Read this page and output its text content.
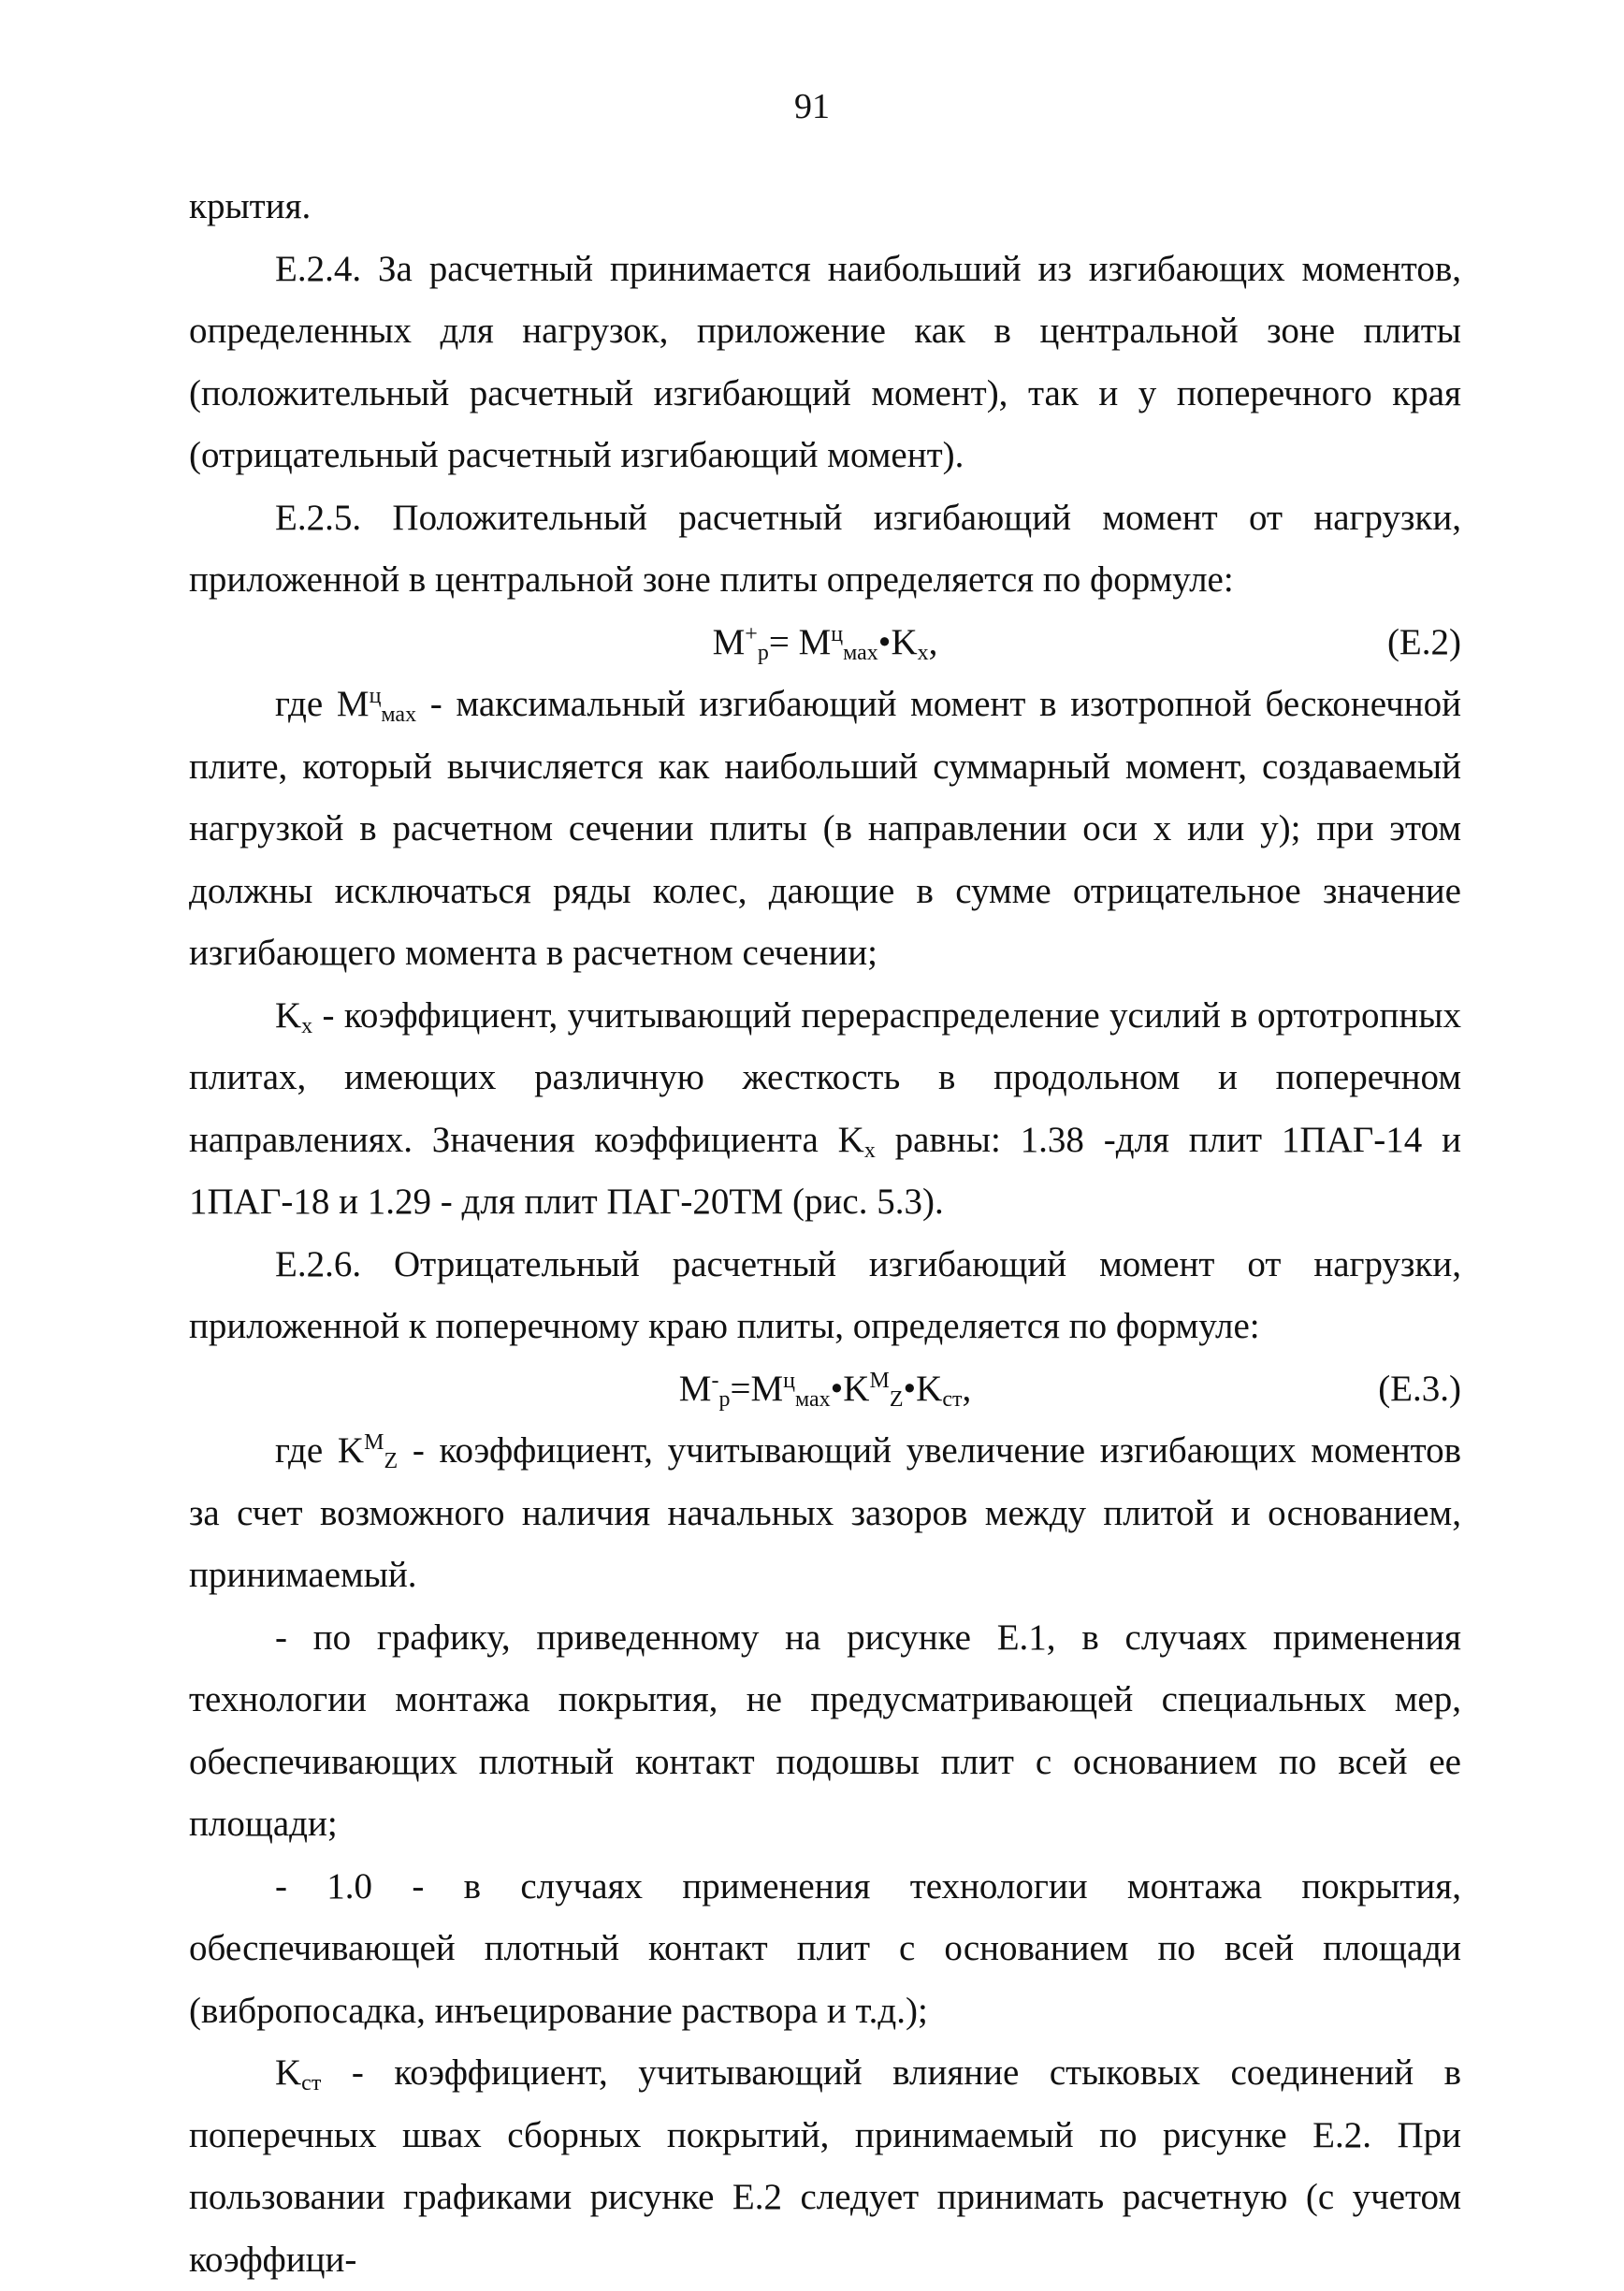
91

крытия.

Е.2.4. За расчетный принимается наибольший из изгибающих моментов, определенных для нагрузок, приложение как в центральной зоне плиты (положительный расчетный изгибающий момент), так и у поперечного края (отрицательный расчетный изгибающий момент).

Е.2.5. Положительный расчетный изгибающий момент от нагрузки, приложенной в центральной зоне плиты определяется по формуле:

$M^+_p=$ $M^ц_{мах}•K_x$,	(Е.2)

где $М^ц_{мах}$ - максимальный изгибающий момент в изотропной бесконечной плите, который вычисляется как наибольший суммарный момент, создаваемый нагрузкой в расчетном сечении плиты (в направлении оси х или у); при этом должны исключаться ряды колес, дающие в сумме отрицательное значение изгибающего момента в расчетном сечении;

$K_x$ - коэффициент, учитывающий перераспределение усилий в ортотропных плитах, имеющих различную жесткость в продольном и поперечном направлениях. Значения коэффициента $K_x$ равны: 1.38 -для плит 1ПАГ-14 и 1ПАГ-18 и 1.29 - для плит ПАГ-20ТМ (рис. 5.3).

Е.2.6. Отрицательный расчетный изгибающий момент от нагрузки, приложенной к поперечному краю плиты, определяется по формуле:

$M^-_p=M^ц_{мах}•K^M_Z•K_{ст}$,	(Е.3.)

где $K^M_Z$ - коэффициент, учитывающий увеличение изгибающих моментов за счет возможного наличия начальных зазоров между плитой и основанием, принимаемый.

- по графику, приведенному на рисунке Е.1, в случаях применения технологии монтажа покрытия, не предусматривающей специальных мер, обеспечивающих плотный контакт подошвы плит с основанием по всей ее площади;

- 1.0 - в случаях применения технологии монтажа покрытия, обеспечивающей плотный контакт плит с основанием по всей площади (вибропосадка, инъецирование раствора и т.д.);

$K_{ст}$ - коэффициент, учитывающий влияние стыковых соединений в поперечных швах сборных покрытий, принимаемый по рисунке Е.2. При пользовании графиками рисунке Е.2 следует принимать расчетную (с учетом коэффици-
